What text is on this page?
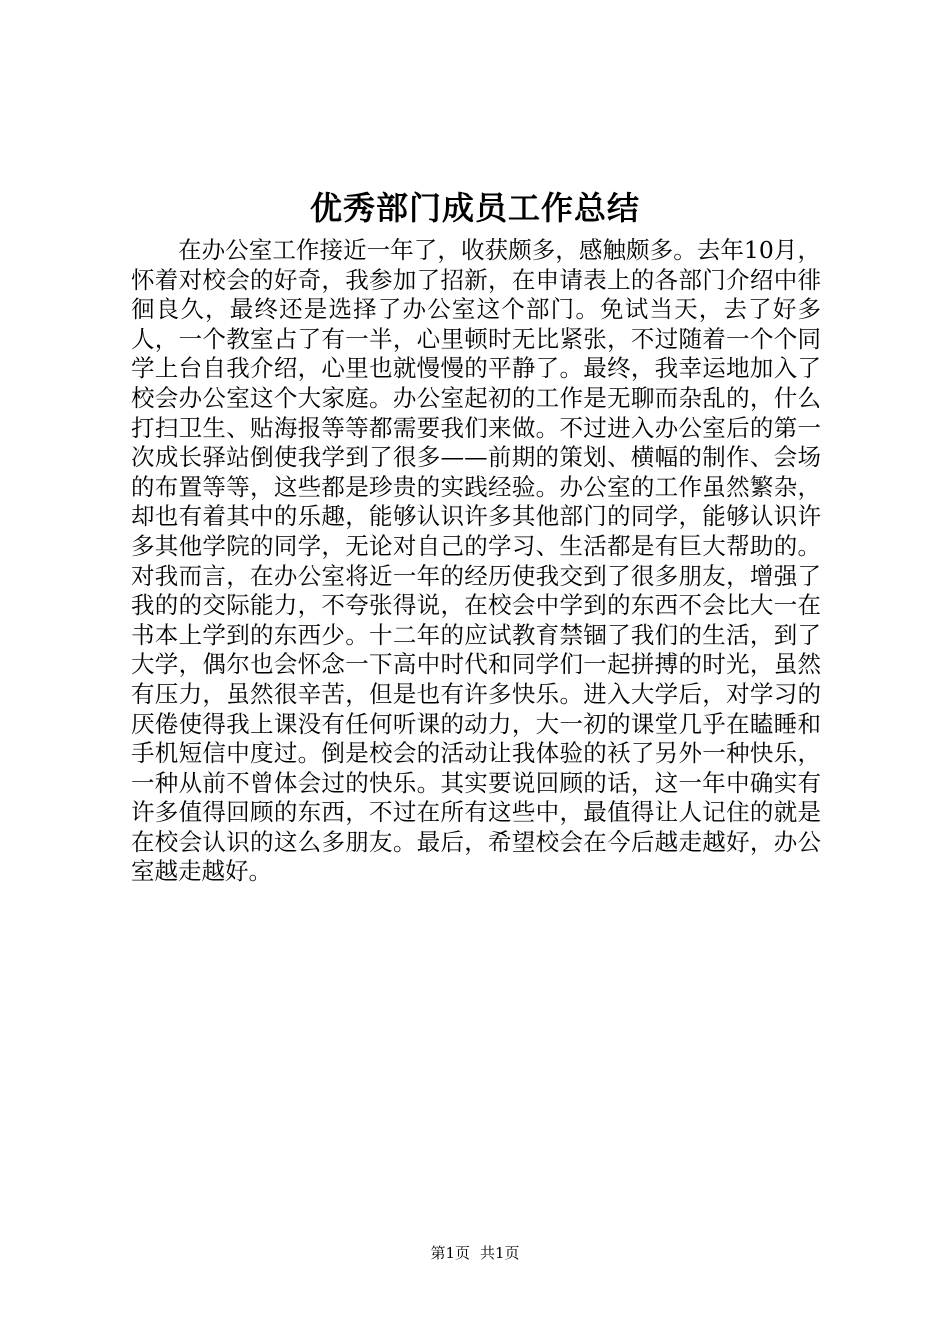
优秀部门成员工作总结

在办公室工作接近一年了，收获颇多，感触颇多。去年10月，怀着对校会的好奇，我参加了招新，在申请表上的各部门介绍中徘徊良久，最终还是选择了办公室这个部门。免试当天，去了好多人，一个教室占了有一半，心里顿时无比紧张，不过随着一个个同学上台自我介绍，心里也就慢慢的平静了。最终，我幸运地加入了校会办公室这个大家庭。办公室起初的工作是无聊而杂乱的，什么打扫卫生、贴海报等等都需要我们来做。不过进入办公室后的第一次成长驿站倒使我学到了很多——前期的策划、横幅的制作、会场的布置等等，这些都是珍贵的实践经验。办公室的工作虽然繁杂，却也有着其中的乐趣，能够认识许多其他部门的同学，能够认识许多其他学院的同学，无论对自己的学习、生活都是有巨大帮助的。对我而言，在办公室将近一年的经历使我交到了很多朋友，增强了我的的交际能力，不夸张得说，在校会中学到的东西不会比大一在书本上学到的东西少。十二年的应试教育禁锢了我们的生活，到了大学，偶尔也会怀念一下高中时代和同学们一起拼搏的时光，虽然有压力，虽然很辛苦，但是也有许多快乐。进入大学后，对学习的厌倦使得我上课没有任何听课的动力，大一初的课堂几乎在瞌睡和手机短信中度过。倒是校会的活动让我体验的袄了另外一种快乐，一种从前不曾体会过的快乐。其实要说回顾的话，这一年中确实有许多值得回顾的东西，不过在所有这些中，最值得让人记住的就是在校会认识的这么多朋友。最后，希望校会在今后越走越好，办公室越走越好。

第1页 共1页
